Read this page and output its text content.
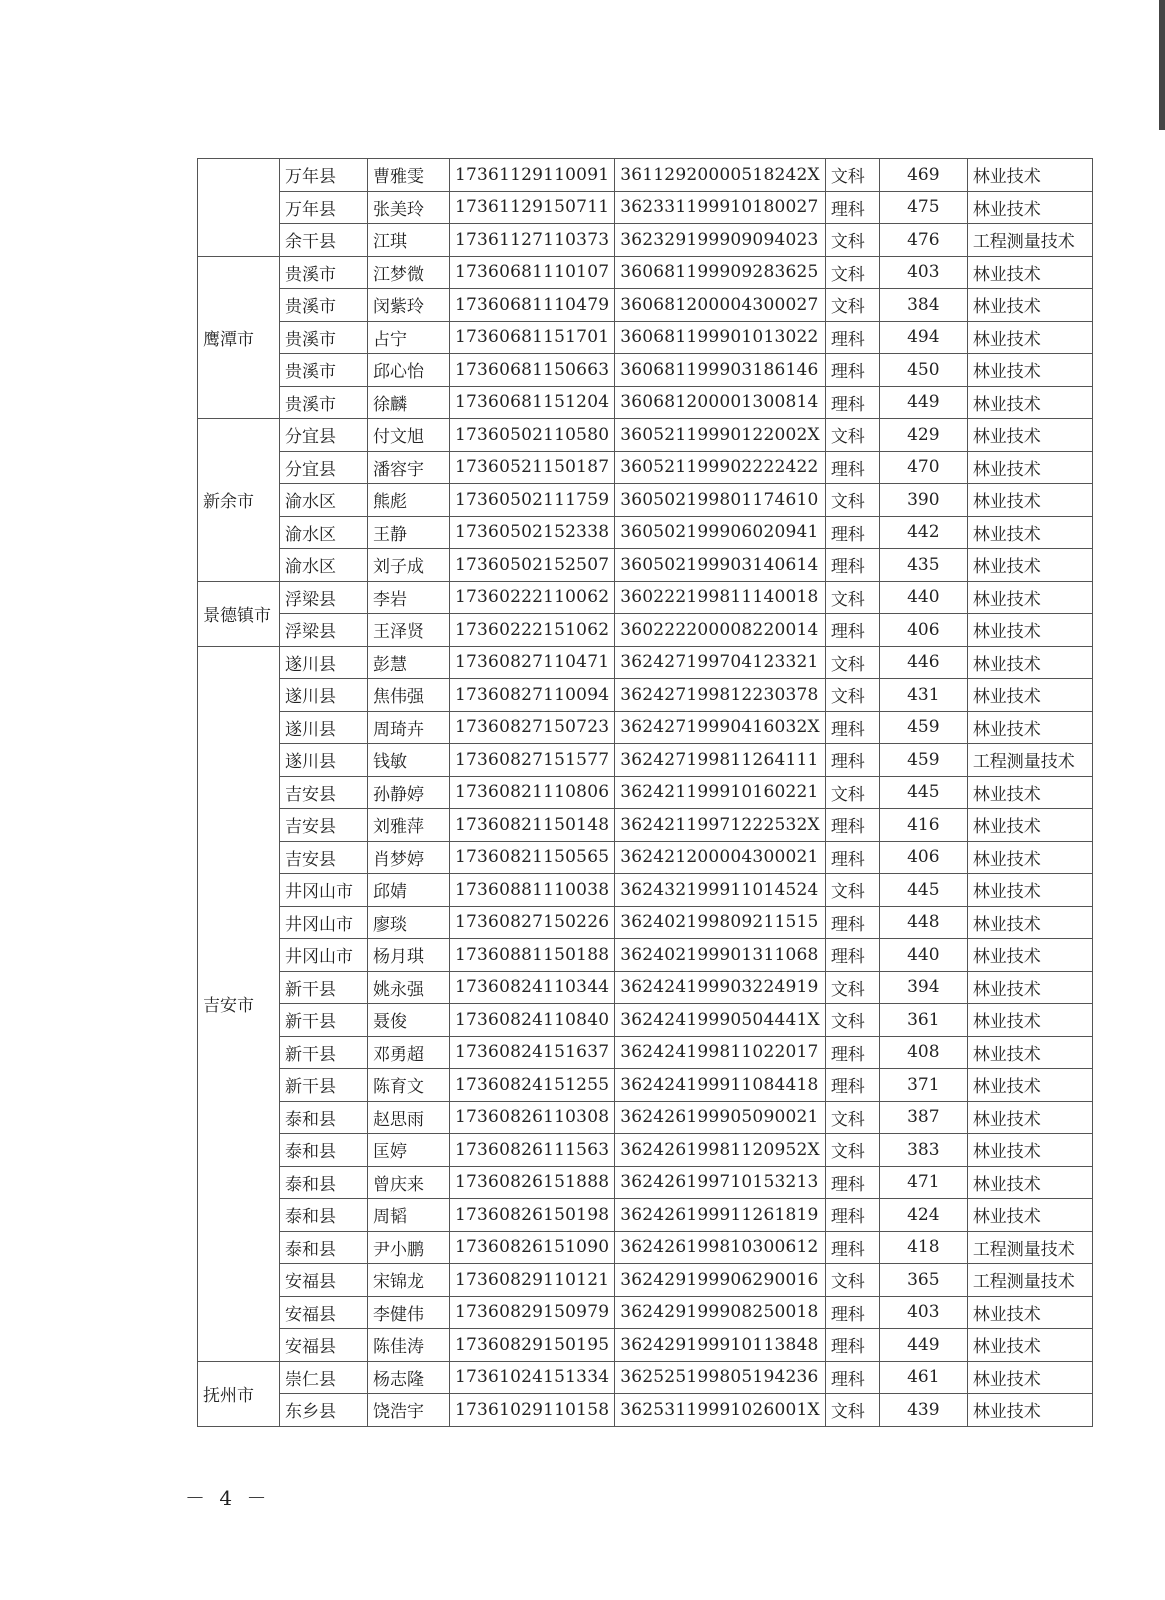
	万年县	曹雅雯	17361129110091	36112920000518242X	文科	469	林业技术
	万年县	张美玲	17361129150711	362331199910180027	理科	475	林业技术
	余干县	江琪	17361127110373	362329199909094023	文科	476	工程测量技术
鹰潭市	贵溪市	江梦微	17360681110107	360681199909283625	文科	403	林业技术
	贵溪市	闵紫玲	17360681110479	360681200004300027	文科	384	林业技术
	贵溪市	占宁	17360681151701	360681199901013022	理科	494	林业技术
	贵溪市	邱心怡	17360681150663	360681199903186146	理科	450	林业技术
	贵溪市	徐麟	17360681151204	360681200001300814	理科	449	林业技术
新余市	分宜县	付文旭	17360502110580	36052119990122002X	文科	429	林业技术
	分宜县	潘容宇	17360521150187	360521199902222422	理科	470	林业技术
	渝水区	熊彪	17360502111759	360502199801174610	文科	390	林业技术
	渝水区	王静	17360502152338	360502199906020941	理科	442	林业技术
	渝水区	刘子成	17360502152507	360502199903140614	理科	435	林业技术
景德镇市	浮梁县	李岩	17360222110062	360222199811140018	文科	440	林业技术
	浮梁县	王泽贤	17360222151062	360222200008220014	理科	406	林业技术
吉安市	遂川县	彭慧	17360827110471	362427199704123321	文科	446	林业技术
	遂川县	焦伟强	17360827110094	362427199812230378	文科	431	林业技术
	遂川县	周琦卉	17360827150723	36242719990416032X	理科	459	林业技术
	遂川县	钱敏	17360827151577	362427199811264111	理科	459	工程测量技术
	吉安县	孙静婷	17360821110806	362421199910160221	文科	445	林业技术
	吉安县	刘雅萍	17360821150148	36242119971222532X	理科	416	林业技术
	吉安县	肖梦婷	17360821150565	362421200004300021	理科	406	林业技术
	井冈山市	邱婧	17360881110038	362432199911014524	文科	445	林业技术
	井冈山市	廖琰	17360827150226	362402199809211515	理科	448	林业技术
	井冈山市	杨月琪	17360881150188	362402199901311068	理科	440	林业技术
	新干县	姚永强	17360824110344	362424199903224919	文科	394	林业技术
	新干县	聂俊	17360824110840	36242419990504441X	文科	361	林业技术
	新干县	邓勇超	17360824151637	362424199811022017	理科	408	林业技术
	新干县	陈育文	17360824151255	362424199911084418	理科	371	林业技术
	泰和县	赵思雨	17360826110308	362426199905090021	文科	387	林业技术
	泰和县	匡婷	17360826111563	36242619981120952X	文科	383	林业技术
	泰和县	曾庆来	17360826151888	362426199710153213	理科	471	林业技术
	泰和县	周韬	17360826150198	362426199911261819	理科	424	林业技术
	泰和县	尹小鹏	17360826151090	362426199810300612	理科	418	工程测量技术
	安福县	宋锦龙	17360829110121	362429199906290016	文科	365	工程测量技术
	安福县	李健伟	17360829150979	362429199908250018	理科	403	林业技术
	安福县	陈佳涛	17360829150195	362429199910113848	理科	449	林业技术
抚州市	崇仁县	杨志隆	17361024151334	362525199805194236	理科	461	林业技术
	东乡县	饶浩宇	17361029110158	36253119991026001X	文科	439	林业技术
－ 4 －
